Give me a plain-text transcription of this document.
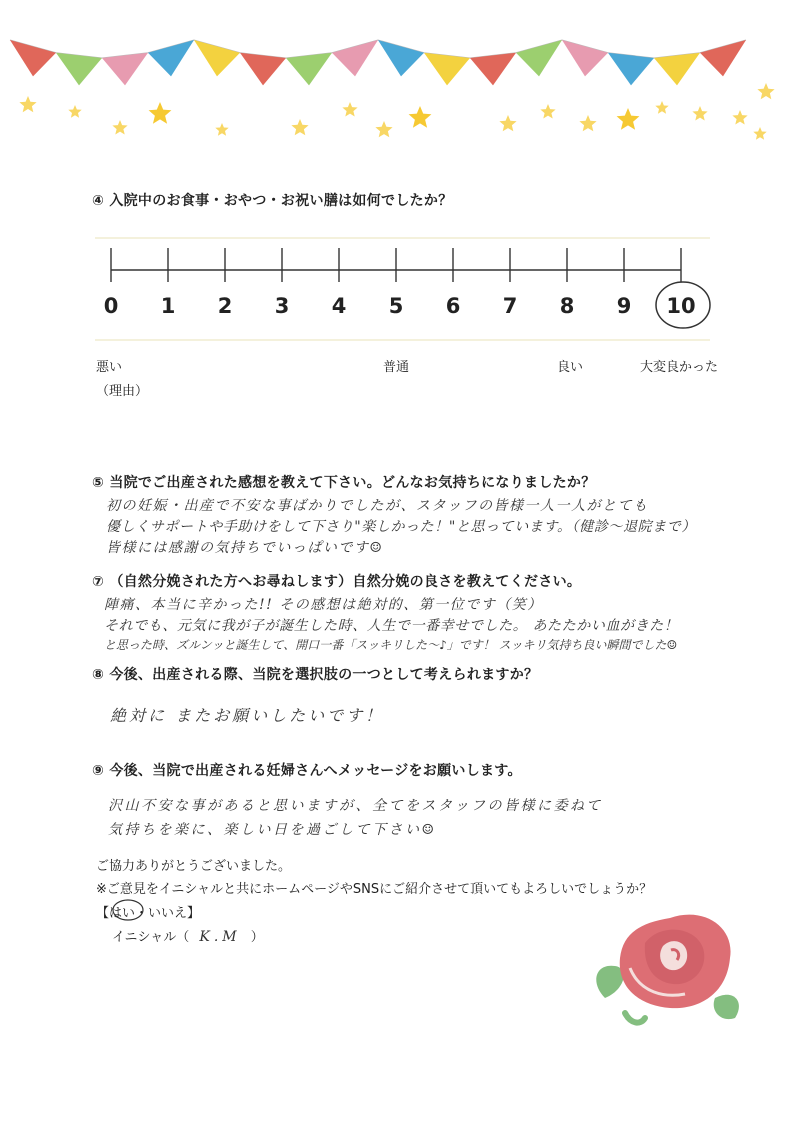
④ 入院中のお食事・おやつ・お祝い膳は如何でしたか？
0	1	2	3	4	5	6	7	8	9	10
悪い	普通	良い	大変良かった
（理由）
⑤ 当院でご出産された感想を教えて下さい。どんなお気持ちになりましたか？
初の妊娠・出産で不安な事ばかりでしたが、スタッフの皆様一人一人がとても
優しくサポートや手助けをして下さり"楽しかった！"と思っています。（健診～退院まで）
皆様には感謝の気持ちでいっぱいです☺
⑦ （自然分娩された方へお尋ねします）自然分娩の良さを教えてください。
陣痛、本当に辛かった!! その感想は絶対的、第一位です（笑）
それでも、元気に我が子が誕生した時、人生で一番幸せでした。 あたたかい血がきた！
と思った時、ズルンッと誕生して、開口一番「スッキリした～♪」です！ スッキリ気持ち良い瞬間でした☺
⑧ 今後、出産される際、当院を選択肢の一つとして考えられますか？
絶対に またお願いしたいです！
⑨ 今後、当院で出産される妊婦さんへメッセージをお願いします。
沢山不安な事があると思いますが、全てをスタッフの皆様に委ねて
気持ちを楽に、楽しい日を過ごして下さい☺
ご協力ありがとうございました。
※ご意見をイニシャルと共にホームページやSNSにご紹介させて頂いてもよろしいでしょうか？
【はい・いいえ】
イニシャル（ K.M ）
